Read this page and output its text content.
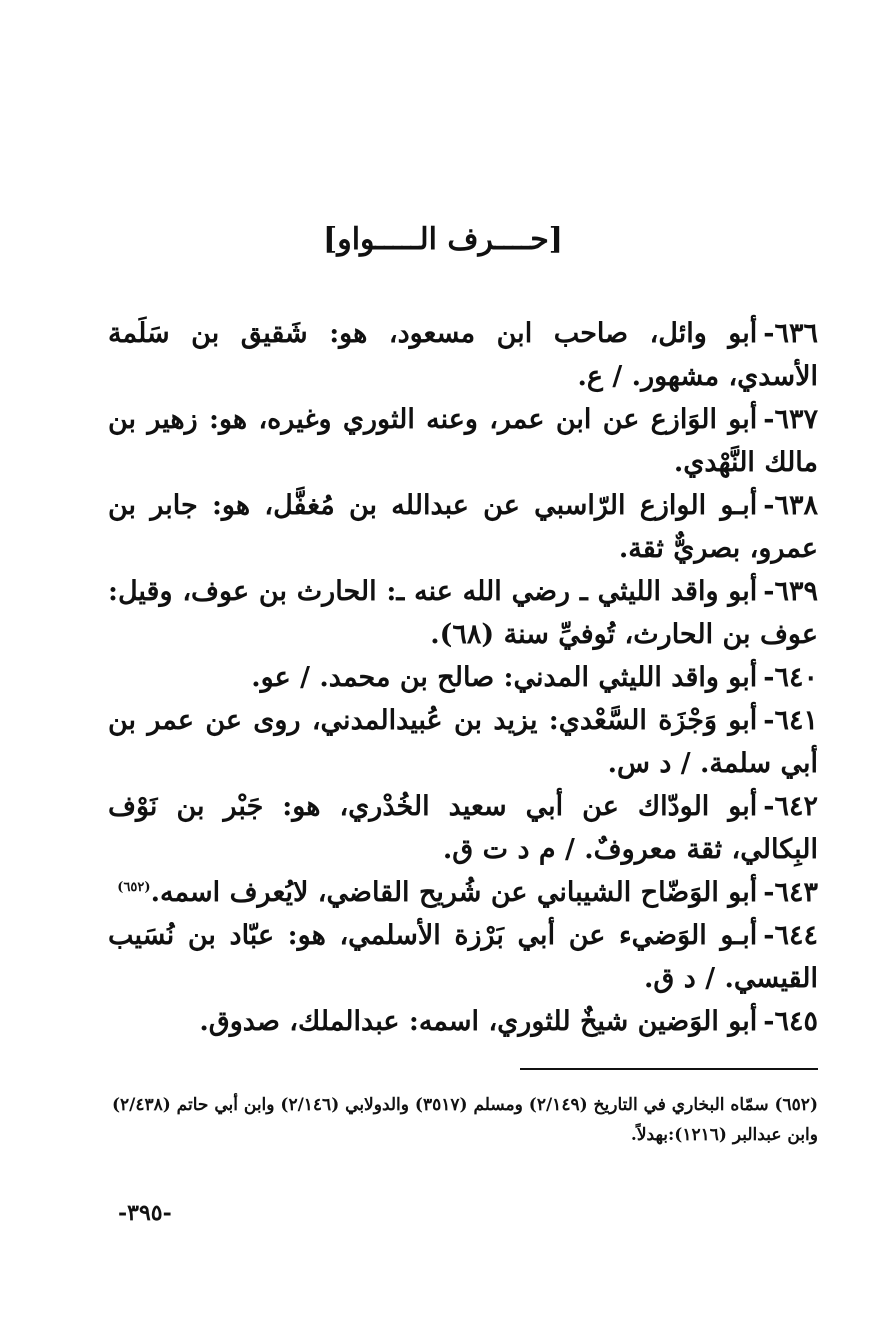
[حــــرف الـــــواو]

٦٣٦-أبو وائل، صاحب ابن مسعود، هو: شَقيق بن سَلَمة الأسدي، مشهور. / ع.

٦٣٧-أبو الوَازع عن ابن عمر، وعنه الثوري وغيره، هو: زهير بن مالك النَّهْدي.

٦٣٨-أبـو الوازع الرّاسبي عن عبدالله بن مُغفَّل، هو: جابر بن عمرو، بصريٌّ ثقة.

٦٣٩-أبو واقد الليثي ـ رضي الله عنه ـ: الحارث بن عوف، وقيل: عوف بن الحارث، تُوفيِّ سنة (٦٨).

٦٤٠-أبو واقد الليثي المدني: صالح بن محمد. / عو.

٦٤١-أبو وَجْزَة السَّعْدي: يزيد بن عُبيدالمدني، روى عن عمر بن أبي سلمة. / د س.

٦٤٢-أبو الودّاك عن أبي سعيد الخُدْري، هو: جَبْر بن نَوْف البِكالي، ثقة معروفٌ. / م د ت ق.

٦٤٣-أبو الوَضّاح الشيباني عن شُريح القاضي، لايُعرف اسمه.$^{(٦٥٢)}$

٦٤٤-أبـو الوَضيء عن أبي بَرْزة الأسلمي، هو: عبّاد بن نُسَيب القيسي. / د ق.

٦٤٥-أبو الوَضين شيخٌ للثوري، اسمه: عبدالملك، صدوق.

(٦٥٢) سمّاه البخاري في التاريخ (٢/١٤٩) ومسلم (٣٥١٧) والدولابي (٢/١٤٦) وابن أبي حاتم (٢/٤٣٨) وابن عبدالبر (١٢١٦):بهدلاً.
-٣٩٥-
